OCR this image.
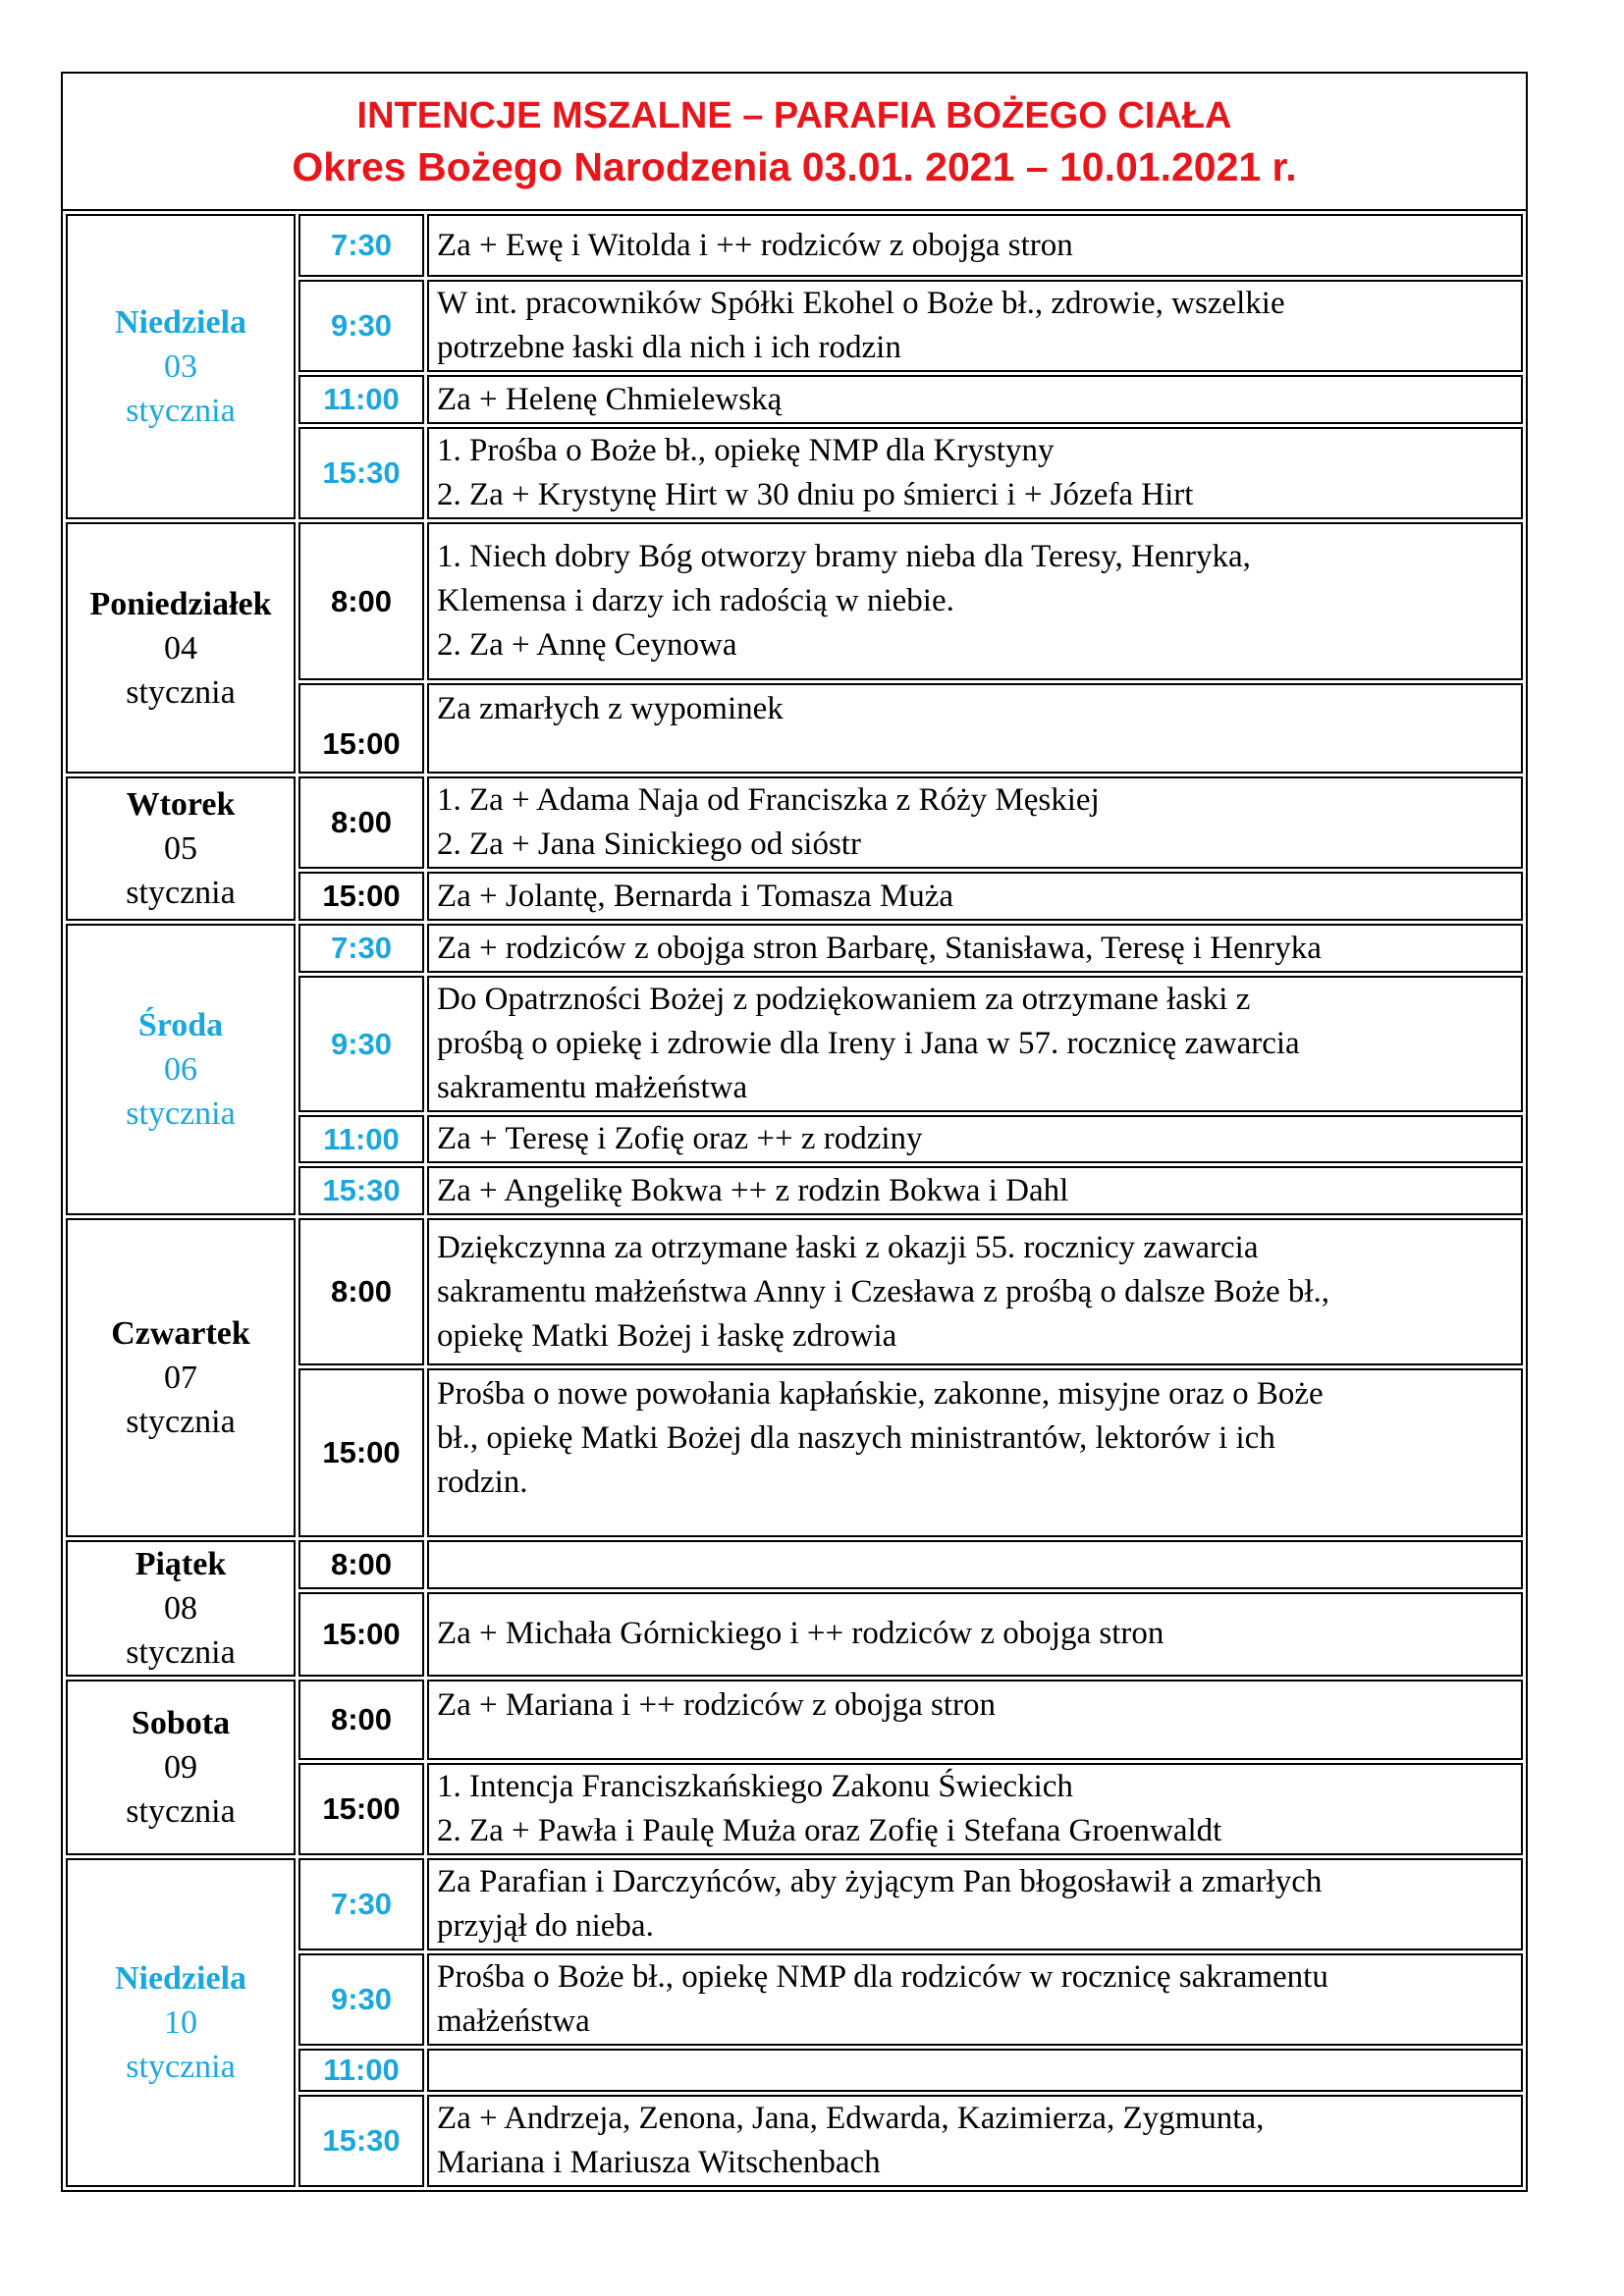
INTENCJE MSZALNE – PARAFIA BOŻEGO CIAŁA
Okres Bożego Narodzenia 03.01. 2021 – 10.01.2021 r.
Niedziela
03
stycznia	7:30	Za + Ewę i Witolda i ++ rodziców z obojga stron

	9:30	W int. pracowników Spółki Ekohel o Boże bł., zdrowie, wszelkie
potrzebne łaski dla nich i ich rodzin

	11:00	Za + Helenę Chmielewską

	15:30	1. Prośba o Boże bł., opiekę NMP dla Krystyny
2. Za + Krystynę Hirt w 30 dniu po śmierci i + Józefa Hirt

Poniedziałek
04
stycznia	8:00	1. Niech dobry Bóg otworzy bramy nieba dla Teresy, Henryka,
Klemensa i darzy ich radością w niebie.
2. Za + Annę Ceynowa

	15:00	Za zmarłych z wypominek

Wtorek
05
stycznia	8:00	1. Za + Adama Naja od Franciszka z Róży Męskiej
2. Za + Jana Sinickiego od sióstr

	15:00	Za + Jolantę, Bernarda i Tomasza Muża

Środa
06
stycznia	7:30	Za + rodziców z obojga stron Barbarę, Stanisława, Teresę i Henryka

	9:30	Do Opatrzności Bożej z podziękowaniem za otrzymane łaski z
prośbą o opiekę i zdrowie dla Ireny i Jana w 57. rocznicę zawarcia
sakramentu małżeństwa

	11:00	Za + Teresę i Zofię oraz ++ z rodziny

	15:30	Za + Angelikę Bokwa ++ z rodzin Bokwa i Dahl

Czwartek
07
stycznia	8:00	Dziękczynna za otrzymane łaski z okazji 55. rocznicy zawarcia
sakramentu małżeństwa Anny i Czesława z prośbą o dalsze Boże bł.,
opiekę Matki Bożej i łaskę zdrowia

	15:00	Prośba o nowe powołania kapłańskie, zakonne, misyjne oraz o Boże
bł., opiekę Matki Bożej dla naszych ministrantów, lektorów i ich
rodzin.

Piątek
08
stycznia	8:00	
	15:00	Za + Michała Górnickiego i ++ rodziców z obojga stron

Sobota
09
stycznia	8:00	Za + Mariana i ++ rodziców z obojga stron

	15:00	1. Intencja Franciszkańskiego Zakonu Świeckich
2. Za + Pawła i Paulę Muża oraz Zofię i Stefana Groenwaldt

Niedziela
10
stycznia	7:30	Za Parafian i Darczyńców, aby żyjącym Pan błogosławił a zmarłych
przyjął do nieba.

	9:30	Prośba o Boże bł., opiekę NMP dla rodziców w rocznicę sakramentu
małżeństwa

	11:00	
	15:30	Za + Andrzeja, Zenona, Jana, Edwarda, Kazimierza, Zygmunta,
Mariana i Mariusza Witschenbach
